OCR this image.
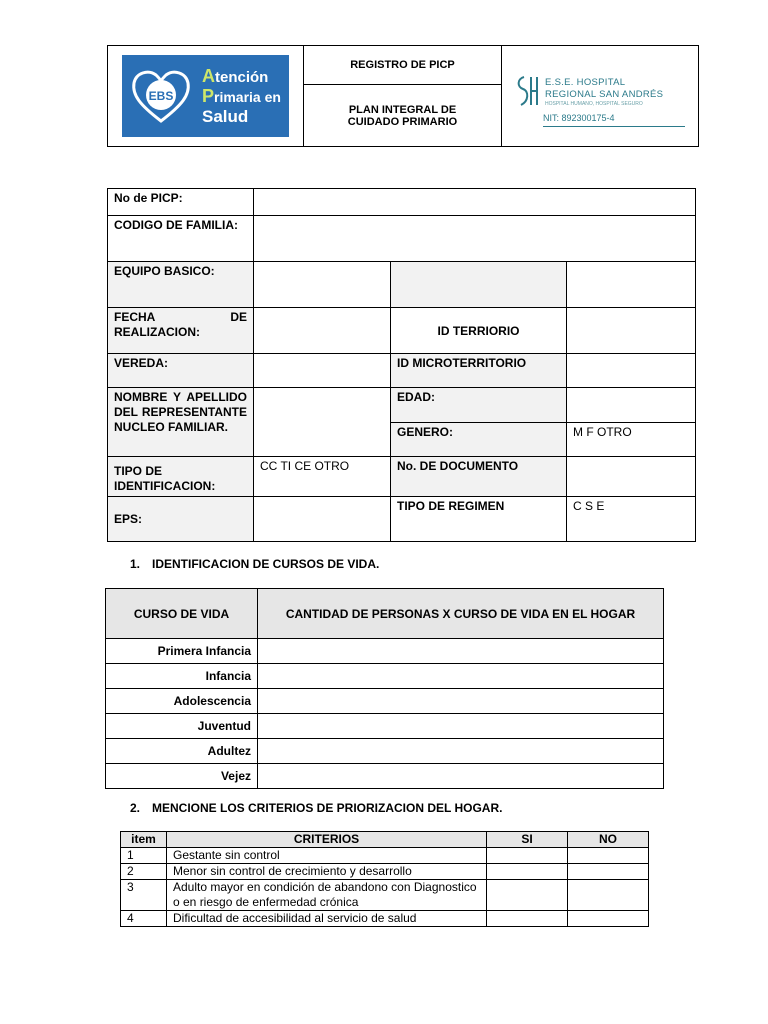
EBS
Atención
Primaria en
Salud
	REGISTRO DE PICP	
E.S.E. HOSPITAL
REGIONAL SAN ANDRÉS
HOSPITAL HUMANO, HOSPITAL SEGURO
NIT: 892300175-4

PLAN INTEGRAL DE CUIDADO PRIMARIO
No de PICP:			
CODIGO DE FAMILIA:			
EQUIPO BASICO:			

FECHA DE
REALIZACION:		ID TERRIORIO	
VEREDA:		ID MICROTERRITORIO	

NOMBRE Y APELLIDO
DEL REPRESENTANTE
NUCLEO FAMILIAR.		EDAD:	
		GENERO:	M F OTRO
TIPO DE IDENTIFICACION:	CC TI CE OTRO	No. DE DOCUMENTO	
EPS:		TIPO DE REGIMEN	C S E
1. IDENTIFICACION DE CURSOS DE VIDA.
CURSO DE VIDA	CANTIDAD DE PERSONAS X CURSO DE VIDA EN EL HOGAR
Primera Infancia	
Infancia	
Adolescencia	
Juventud	
Adultez	
Vejez	
2. MENCIONE LOS CRITERIOS DE PRIORIZACION DEL HOGAR.
item	CRITERIOS	SI	NO
1	Gestante sin control		
2	Menor sin control de crecimiento y desarrollo		
3	Adulto mayor en condición de abandono con Diagnostico o en riesgo de enfermedad crónica		
4	Dificultad de accesibilidad al servicio de salud		
